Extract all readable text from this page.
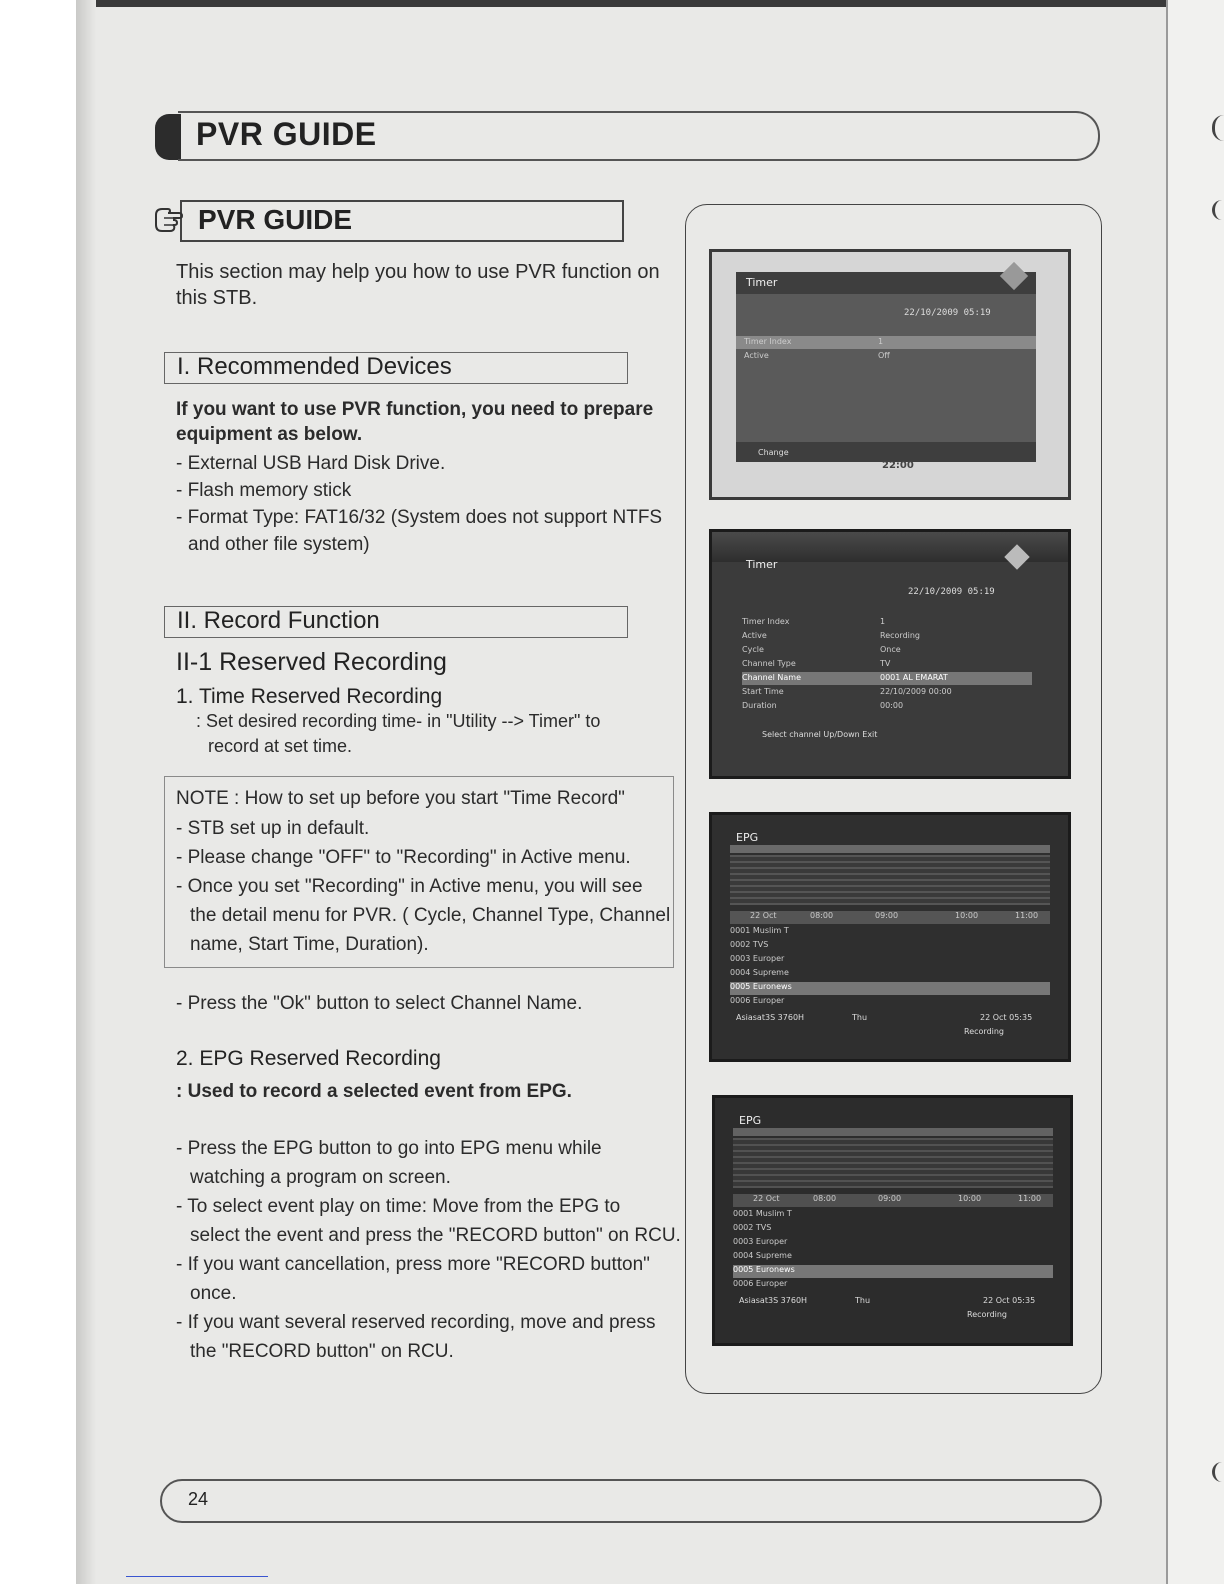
PVR GUIDE
PVR GUIDE
This section may help you how to use PVR function on
this STB.
I. Recommended Devices
If you want to use PVR function, you need to prepare
equipment as below.
- External USB Hard Disk Drive.
- Flash memory stick
- Format Type: FAT16/32 (System does not support NTFS
and other file system)
II. Record Function
II-1 Reserved Recording
1. Time Reserved Recording
: Set desired recording time- in "Utility --> Timer" to
record at set time.
NOTE : How to set up before you start "Time Record"
- STB set up in default.
- Please change "OFF" to "Recording" in Active menu.
- Once you set "Recording" in Active menu, you will see
the detail menu for PVR. ( Cycle, Channel Type, Channel
name, Start Time, Duration).
- Press the "Ok" button to select Channel Name.
2. EPG Reserved Recording
: Used to record a selected event from EPG.
- Press the EPG button to go into EPG menu while
watching a program on screen.
- To select event play on time: Move from the EPG to
select the event and press the "RECORD button" on RCU.
- If you want cancellation, press more "RECORD button"
once.
- If you want several reserved recording, move and press
the "RECORD button" on RCU.
Timer
22/10/2009 05:19
Timer Index	1
Active	Off
Change
22:00
Timer
22/10/2009 05:19
Timer Index	1
Active	Recording
Cycle	Once
Channel Type	TV
Channel Name	0001 AL EMARAT
Start Time	22/10/2009 00:00
Duration	00:00
Select channel Up/Down Exit
EPG
22 Oct	08:00	09:00	10:00	11:00
0001 Muslim T
0002 TVS
0003 Europer
0004 Supreme
0005 Euronews
0006 Europer
Asiasat3S 3760H	Thu	22 Oct 05:35
Recording
EPG
22 Oct	08:00	09:00	10:00	11:00
0001 Muslim T
0002 TVS
0003 Europer
0004 Supreme
0005 Euronews
0006 Europer
Asiasat3S 3760H	Thu	22 Oct 05:35
Recording
24
